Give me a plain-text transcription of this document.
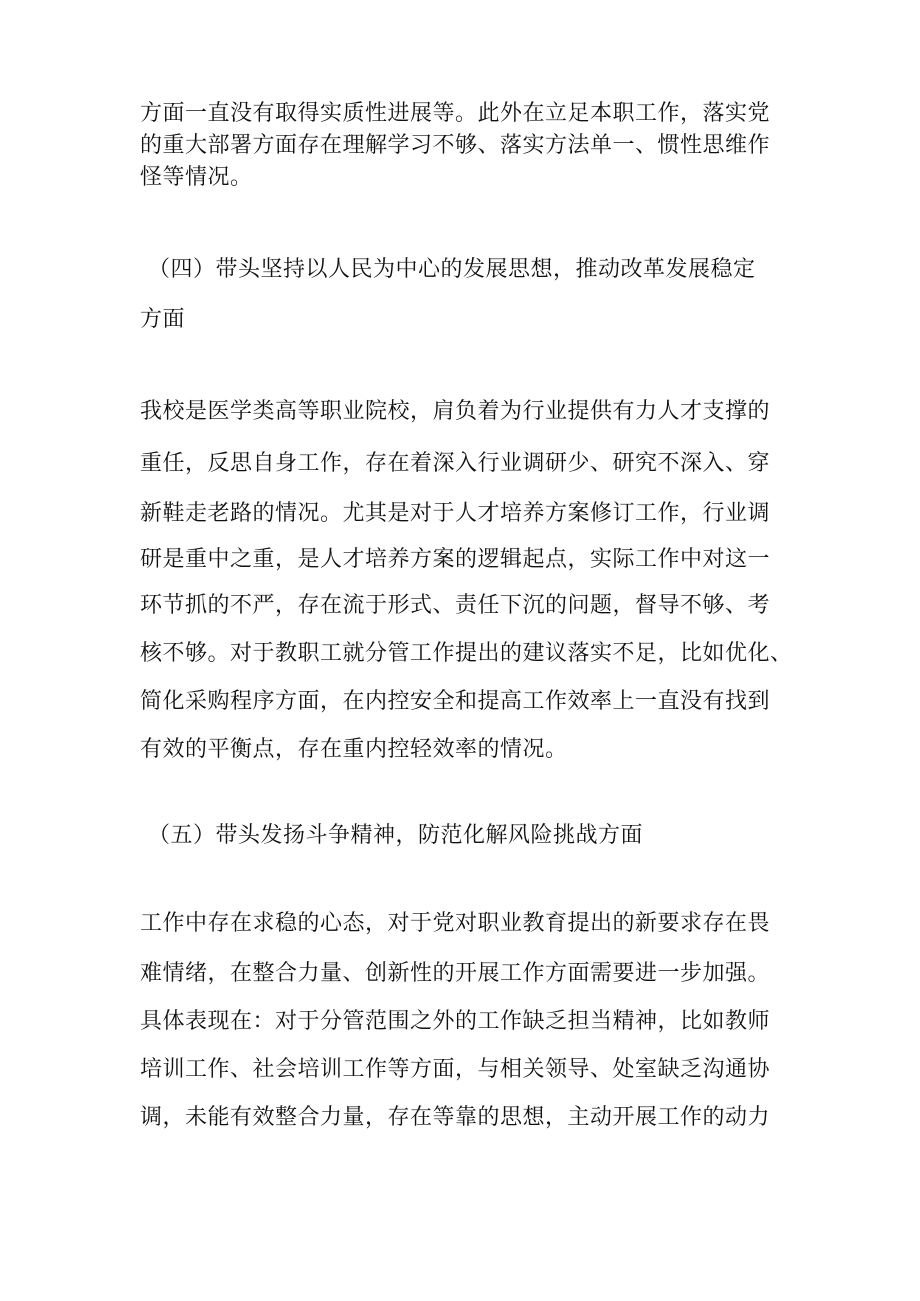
方面一直没有取得实质性进展等。此外在立足本职工作，落实党
的重大部署方面存在理解学习不够、落实方法单一、惯性思维作
怪等情况。
（四）带头坚持以人民为中心的发展思想，推动改革发展稳定
方面
我校是医学类高等职业院校，肩负着为行业提供有力人才支撑的
重任，反思自身工作，存在着深入行业调研少、研究不深入、穿
新鞋走老路的情况。尤其是对于人才培养方案修订工作，行业调
研是重中之重，是人才培养方案的逻辑起点，实际工作中对这一
环节抓的不严，存在流于形式、责任下沉的问题，督导不够、考
核不够。对于教职工就分管工作提出的建议落实不足，比如优化、
简化采购程序方面，在内控安全和提高工作效率上一直没有找到
有效的平衡点，存在重内控轻效率的情况。
（五）带头发扬斗争精神，防范化解风险挑战方面
工作中存在求稳的心态，对于党对职业教育提出的新要求存在畏
难情绪，在整合力量、创新性的开展工作方面需要进一步加强。
具体表现在：对于分管范围之外的工作缺乏担当精神，比如教师
培训工作、社会培训工作等方面，与相关领导、处室缺乏沟通协
调，未能有效整合力量，存在等靠的思想，主动开展工作的动力
